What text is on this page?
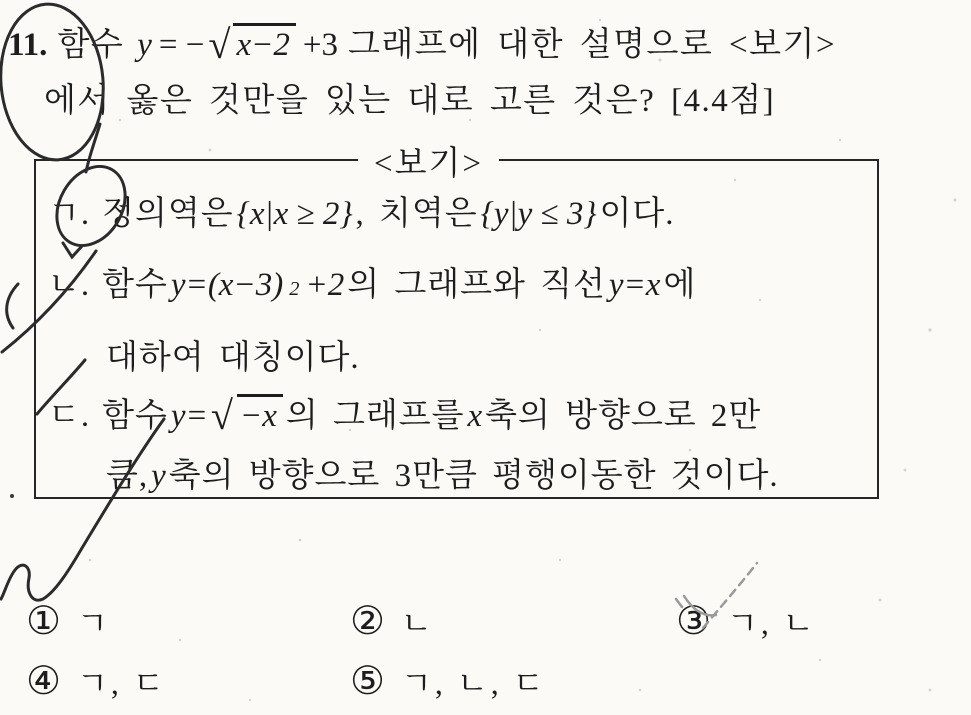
11. 함수 y = − √ x−2 +3 그래프에 대한 설명으로 <보기>
에서 옳은 것만을 있는 대로 고른 것은? [4.4점]
<보기>
ㄱ. 정의역은 {x|x ≥ 2} , 치역은 {y|y ≤ 3} 이다.
ㄴ. 함수 y=(x−3) 2 +2 의 그래프와 직선 y=x 에
대하여 대칭이다.
ㄷ. 함수 y= √ −x 의 그래프를 x 축의 방향으로 2만
큼, y 축의 방향으로 3만큼 평행이동한 것이다.
① ㄱ	② ㄴ	③ ㄱ, ㄴ
④ ㄱ, ㄷ	⑤ ㄱ, ㄴ, ㄷ
